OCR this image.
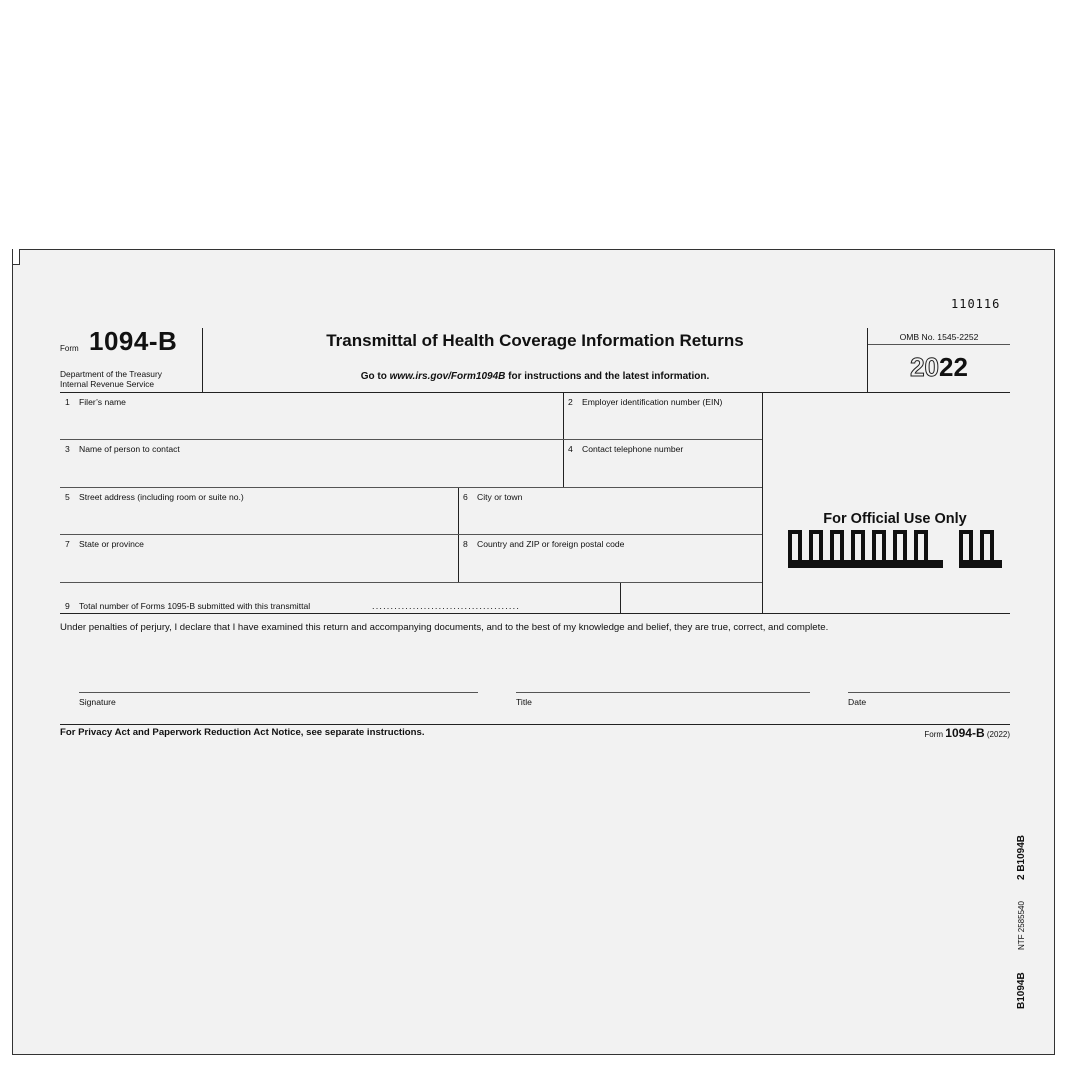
110116
Form 1094-B
Department of the Treasury
Internal Revenue Service
Transmittal of Health Coverage Information Returns
Go to www.irs.gov/Form1094B for instructions and the latest information.
OMB No. 1545-2252
2022
1 Filer’s name	2 Employer identification number (EIN)
3 Name of person to contact	4 Contact telephone number
5 Street address (including room or suite no.)	6 City or town
7 State or province	8 Country and ZIP or foreign postal code
9 Total number of Forms 1095-B submitted with this transmittal	........................................
For Official Use Only
Under penalties of perjury, I declare that I have examined this return and accompanying documents, and to the best of my knowledge and belief, they are true, correct, and complete.
Signature	Title	Date
For Privacy Act and Paperwork Reduction Act Notice, see separate instructions.	Form 1094-B (2022)
2 B1094B
NTF 2585540
B1094B
